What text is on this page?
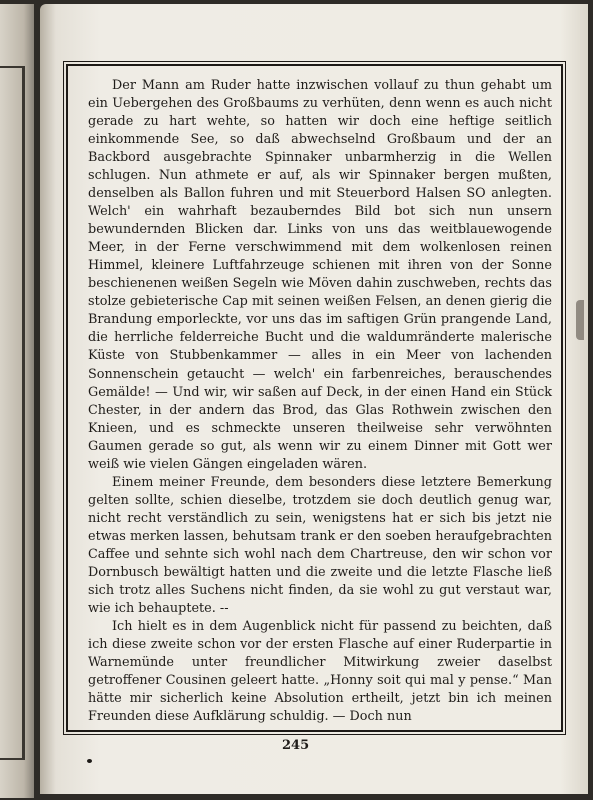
Der Mann am Ruder hatte inzwischen vollauf zu thun gehabt um ein Uebergehen des Großbaums zu verhüten, denn wenn es auch nicht gerade zu hart wehte, so hatten wir doch eine heftige seitlich einkommende See, so daß abwechselnd Großbaum und der an Backbord ausgebrachte Spinnaker unbarmherzig in die Wellen schlugen. Nun athmete er auf, als wir Spinnaker bergen mußten, denselben als Ballon fuhren und mit Steuerbord Halsen SO anlegten. Welch' ein wahrhaft bezauberndes Bild bot sich nun unsern bewundernden Blicken dar. Links von uns das weitblauewogende Meer, in der Ferne verschwimmend mit dem wolkenlosen reinen Himmel, kleinere Luftfahrzeuge schienen mit ihren von der Sonne beschienenen weißen Segeln wie Möven dahin zuschweben, rechts das stolze gebieterische Cap mit seinen weißen Felsen, an denen gierig die Brandung emporleckte, vor uns das im saftigen Grün prangende Land, die herrliche felderreiche Bucht und die waldumränderte malerische Küste von Stubbenkammer — alles in ein Meer von lachenden Sonnenschein getaucht — welch' ein farbenreiches, berauschendes Gemälde! — Und wir, wir saßen auf Deck, in der einen Hand ein Stück Chester, in der andern das Brod, das Glas Rothwein zwischen den Knieen, und es schmeckte unseren theilweise sehr verwöhnten Gaumen gerade so gut, als wenn wir zu einem Dinner mit Gott wer weiß wie vielen Gängen eingeladen wären.

Einem meiner Freunde, dem besonders diese letztere Bemerkung gelten sollte, schien dieselbe, trotzdem sie doch deutlich genug war, nicht recht verständlich zu sein, wenigstens hat er sich bis jetzt nie etwas merken lassen, behutsam trank er den soeben heraufgebrachten Caffee und sehnte sich wohl nach dem Chartreuse, den wir schon vor Dornbusch bewältigt hatten und die zweite und die letzte Flasche ließ sich trotz alles Suchens nicht finden, da sie wohl zu gut verstaut war, wie ich behauptete. --

Ich hielt es in dem Augenblick nicht für passend zu beichten, daß ich diese zweite schon vor der ersten Flasche auf einer Ruderpartie in Warnemünde unter freundlicher Mitwirkung zweier daselbst getroffener Cousinen geleert hatte. „Honny soit qui mal y pense.“ Man hätte mir sicherlich keine Absolution ertheilt, jetzt bin ich meinen Freunden diese Aufklärung schuldig. — Doch nun

245
